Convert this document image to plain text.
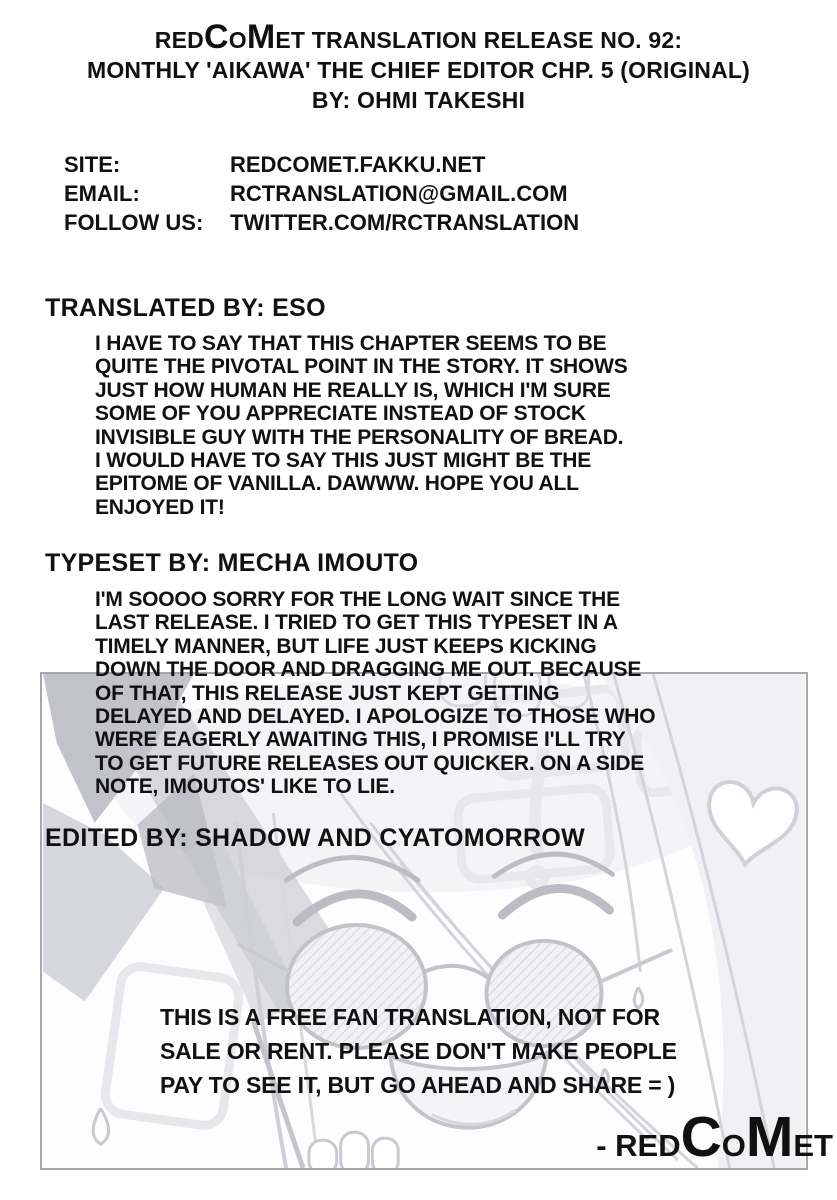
REDCOMET TRANSLATION RELEASE NO. 92:
MONTHLY 'AIKAWA' THE CHIEF EDITOR CHP. 5 (ORIGINAL)
BY: OHMI TAKESHI
SITE:	REDCOMET.FAKKU.NET
EMAIL:	RCTRANSLATION@GMAIL.COM
FOLLOW US:	TWITTER.COM/RCTRANSLATION
TRANSLATED BY: ESO
I HAVE TO SAY THAT THIS CHAPTER SEEMS TO BE
QUITE THE PIVOTAL POINT IN THE STORY. IT SHOWS
JUST HOW HUMAN HE REALLY IS, WHICH I'M SURE
SOME OF YOU APPRECIATE INSTEAD OF STOCK
INVISIBLE GUY WITH THE PERSONALITY OF BREAD.
I WOULD HAVE TO SAY THIS JUST MIGHT BE THE
EPITOME OF VANILLA. DAWWW. HOPE YOU ALL
ENJOYED IT!
TYPESET BY: MECHA IMOUTO
I'M SOOOO SORRY FOR THE LONG WAIT SINCE THE
LAST RELEASE. I TRIED TO GET THIS TYPESET IN A
TIMELY MANNER, BUT LIFE JUST KEEPS KICKING
DOWN THE DOOR AND DRAGGING ME OUT. BECAUSE
OF THAT, THIS RELEASE JUST KEPT GETTING
DELAYED AND DELAYED. I APOLOGIZE TO THOSE WHO
WERE EAGERLY AWAITING THIS, I PROMISE I'LL TRY
TO GET FUTURE RELEASES OUT QUICKER. ON A SIDE
NOTE, IMOUTOS' LIKE TO LIE.
EDITED BY: SHADOW AND CYATOMORROW
THIS IS A FREE FAN TRANSLATION, NOT FOR
SALE OR RENT. PLEASE DON'T MAKE PEOPLE
PAY TO SEE IT, BUT GO AHEAD AND SHARE = )
- REDCOMET
